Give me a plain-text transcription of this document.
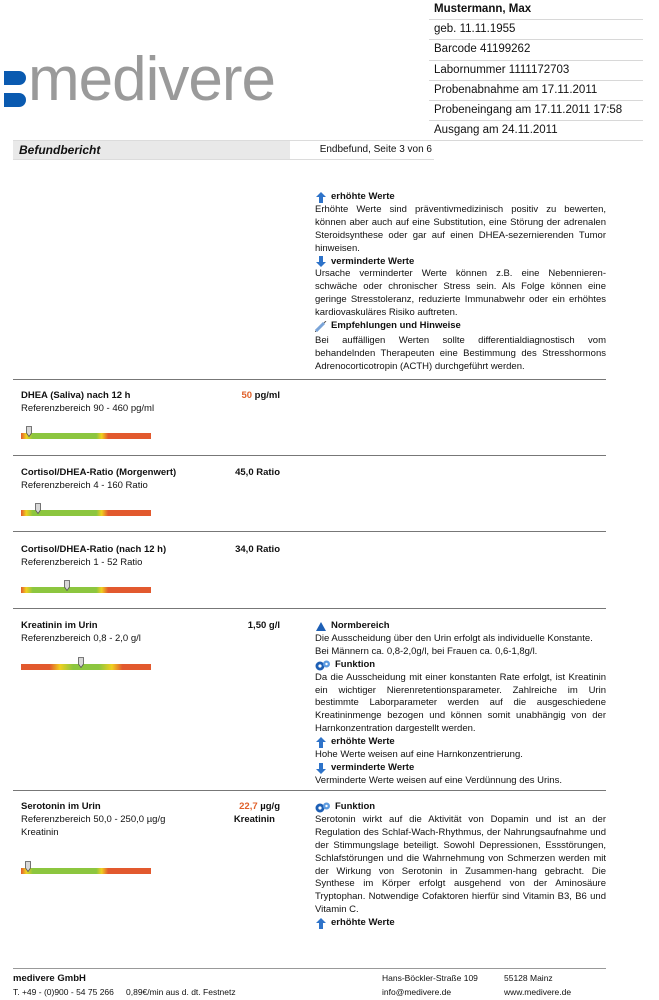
medivere
Mustermann, Max
geb. 11.11.1955
Barcode 41199262
Labornummer 1111172703
Probenabnahme am 17.11.2011
Probeneingang am 17.11.2011 17:58
Ausgang am 24.11.2011
Befundbericht	Endbefund, Seite 3 von 6
erhöhte Werte

Erhöhte Werte sind präventivmedizinisch positiv zu bewerten, können aber auch auf eine Substitution, eine Störung der adrenalen Steroidsynthese oder gar auf einen DHEA-sezernierenden Tumor hinweisen.

verminderte Werte

Ursache verminderter Werte können z.B. eine Nebennieren-schwäche oder chronischer Stress sein. Als Folge können eine geringe Stresstoleranz, reduzierte Immunabwehr oder ein erhöhtes kardiovaskuläres Risiko auftreten.

Empfehlungen und Hinweise

Bei auffälligen Werten sollte differentialdiagnostisch vom behandelnden Therapeuten eine Bestimmung des Stresshormons Adrenocorticotropin (ACTH) durchgeführt werden.

DHEA (Saliva) nach 12 h
Referenzbereich 90 - 460 pg/ml
50 pg/ml
Cortisol/DHEA-Ratio (Morgenwert)
Referenzbereich 4 - 160 Ratio
45,0 Ratio
Cortisol/DHEA-Ratio (nach 12 h)
Referenzbereich 1 - 52 Ratio
34,0 Ratio
Kreatinin im Urin
Referenzbereich 0,8 - 2,0 g/l
1,50 g/l
Serotonin im Urin
Referenzbereich 50,0 - 250,0 µg/g
Kreatinin
22,7 µg/g
Kreatinin
Normbereich

Die Ausscheidung über den Urin erfolgt als individuelle Konstante. Bei Männern ca. 0,8-2,0g/l, bei Frauen ca. 0,6-1,8g/l.

Funktion

Da die Ausscheidung mit einer konstanten Rate erfolgt, ist Kreatinin ein wichtiger Nierenretentionsparameter. Zahlreiche im Urin bestimmte Laborparameter werden auf die ausgeschiedene Kreatininmenge bezogen und können somit unabhängig von der Harnkonzentration dargestellt werden.

erhöhte Werte

Hohe Werte weisen auf eine Harnkonzentrierung.

verminderte Werte

Verminderte Werte weisen auf eine Verdünnung des Urins.

Funktion

Serotonin wirkt auf die Aktivität von Dopamin und ist an der Regulation des Schlaf-Wach-Rhythmus, der Nahrungsaufnahme und der Stimmungslage beteiligt. Sowohl Depressionen, Essstörungen, Schlafstörungen und die Wahrnehmung von Schmerzen werden mit der Wirkung von Serotonin in Zusammen-hang gebracht. Die Synthese im Körper erfolgt ausgehend von der Aminosäure Tryptophan. Notwendige Cofaktoren hierfür sind Vitamin B3, B6 und Vitamin C.

erhöhte Werte
medivere GmbH	Hans-Böckler-Straße 109	55128 Mainz
T. +49 - (0)900 - 54 75 266 0,89€/min aus d. dt. Festnetz	info@medivere.de	www.medivere.de
